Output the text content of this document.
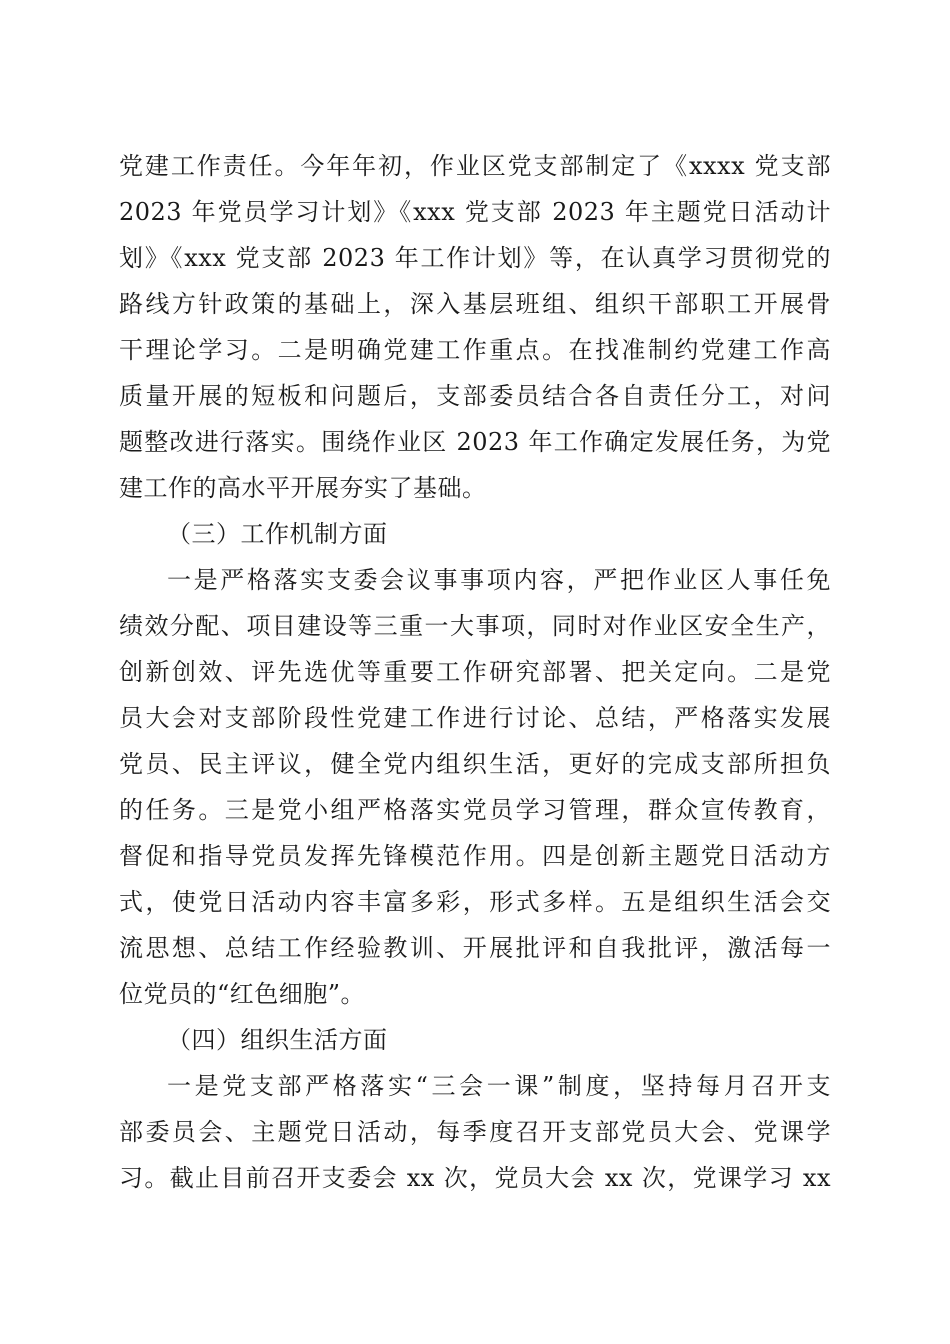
党建工作责任。今年年初，作业区党支部制定了《xxxx 党支部
2023 年党员学习计划》《xxx 党支部 2023 年主题党日活动计
划》《xxx 党支部 2023 年工作计划》等，在认真学习贯彻党的
路线方针政策的基础上，深入基层班组、组织干部职工开展骨
干理论学习。二是明确党建工作重点。在找准制约党建工作高
质量开展的短板和问题后，支部委员结合各自责任分工，对问
题整改进行落实。围绕作业区 2023 年工作确定发展任务，为党
建工作的高水平开展夯实了基础。
（三）工作机制方面
一是严格落实支委会议事事项内容，严把作业区人事任免
绩效分配、项目建设等三重一大事项，同时对作业区安全生产，
创新创效、评先选优等重要工作研究部署、把关定向。二是党
员大会对支部阶段性党建工作进行讨论、总结，严格落实发展
党员、民主评议，健全党内组织生活，更好的完成支部所担负
的任务。三是党小组严格落实党员学习管理，群众宣传教育，
督促和指导党员发挥先锋模范作用。四是创新主题党日活动方
式，使党日活动内容丰富多彩，形式多样。五是组织生活会交
流思想、总结工作经验教训、开展批评和自我批评，激活每一
位党员的“红色细胞”。
（四）组织生活方面
一是党支部严格落实“三会一课”制度，坚持每月召开支
部委员会、主题党日活动，每季度召开支部党员大会、党课学
习。截止目前召开支委会 xx 次，党员大会 xx 次，党课学习 xx
